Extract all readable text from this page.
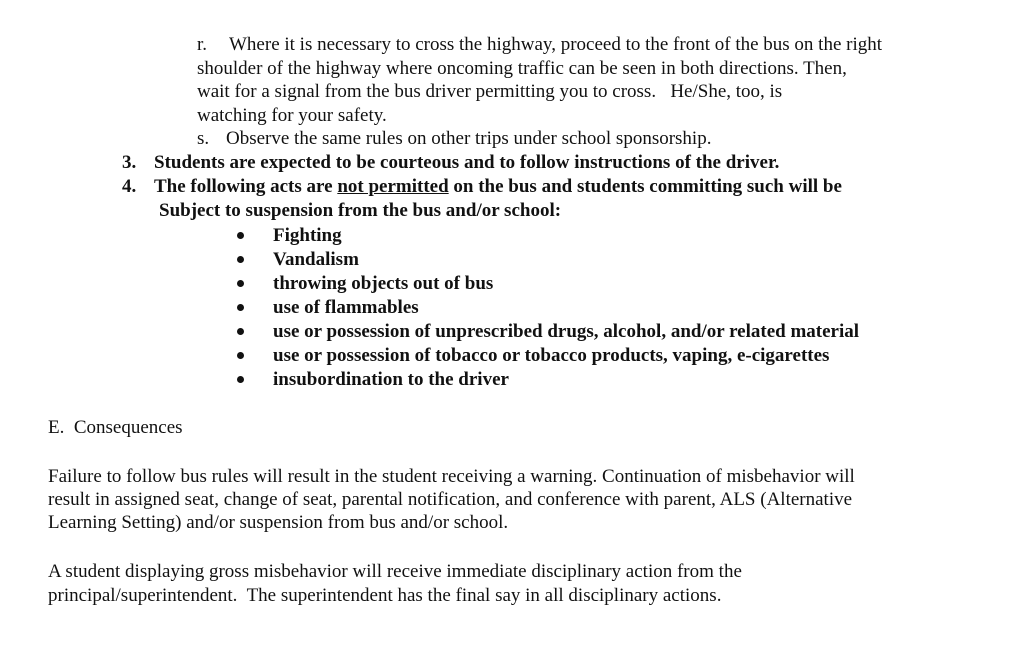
r. Where it is necessary to cross the highway, proceed to the front of the bus on the right
shoulder of the highway where oncoming traffic can be seen in both directions. Then,
wait for a signal from the bus driver permitting you to cross.   He/She, too, is
watching for your safety.
s. Observe the same rules on other trips under school sponsorship.
3. Students are expected to be courteous and to follow instructions of the driver.
4. The following acts are not permitted on the bus and students committing such will be
Subject to suspension from the bus and/or school:
Fighting
Vandalism
throwing objects out of bus
use of flammables
use or possession of unprescribed drugs, alcohol, and/or related material
use or possession of tobacco or tobacco products, vaping, e-cigarettes
insubordination to the driver
E.  Consequences
Failure to follow bus rules will result in the student receiving a warning. Continuation of misbehavior will
result in assigned seat, change of seat, parental notification, and conference with parent, ALS (Alternative
Learning Setting) and/or suspension from bus and/or school.
A student displaying gross misbehavior will receive immediate disciplinary action from the
principal/superintendent.  The superintendent has the final say in all disciplinary actions.
